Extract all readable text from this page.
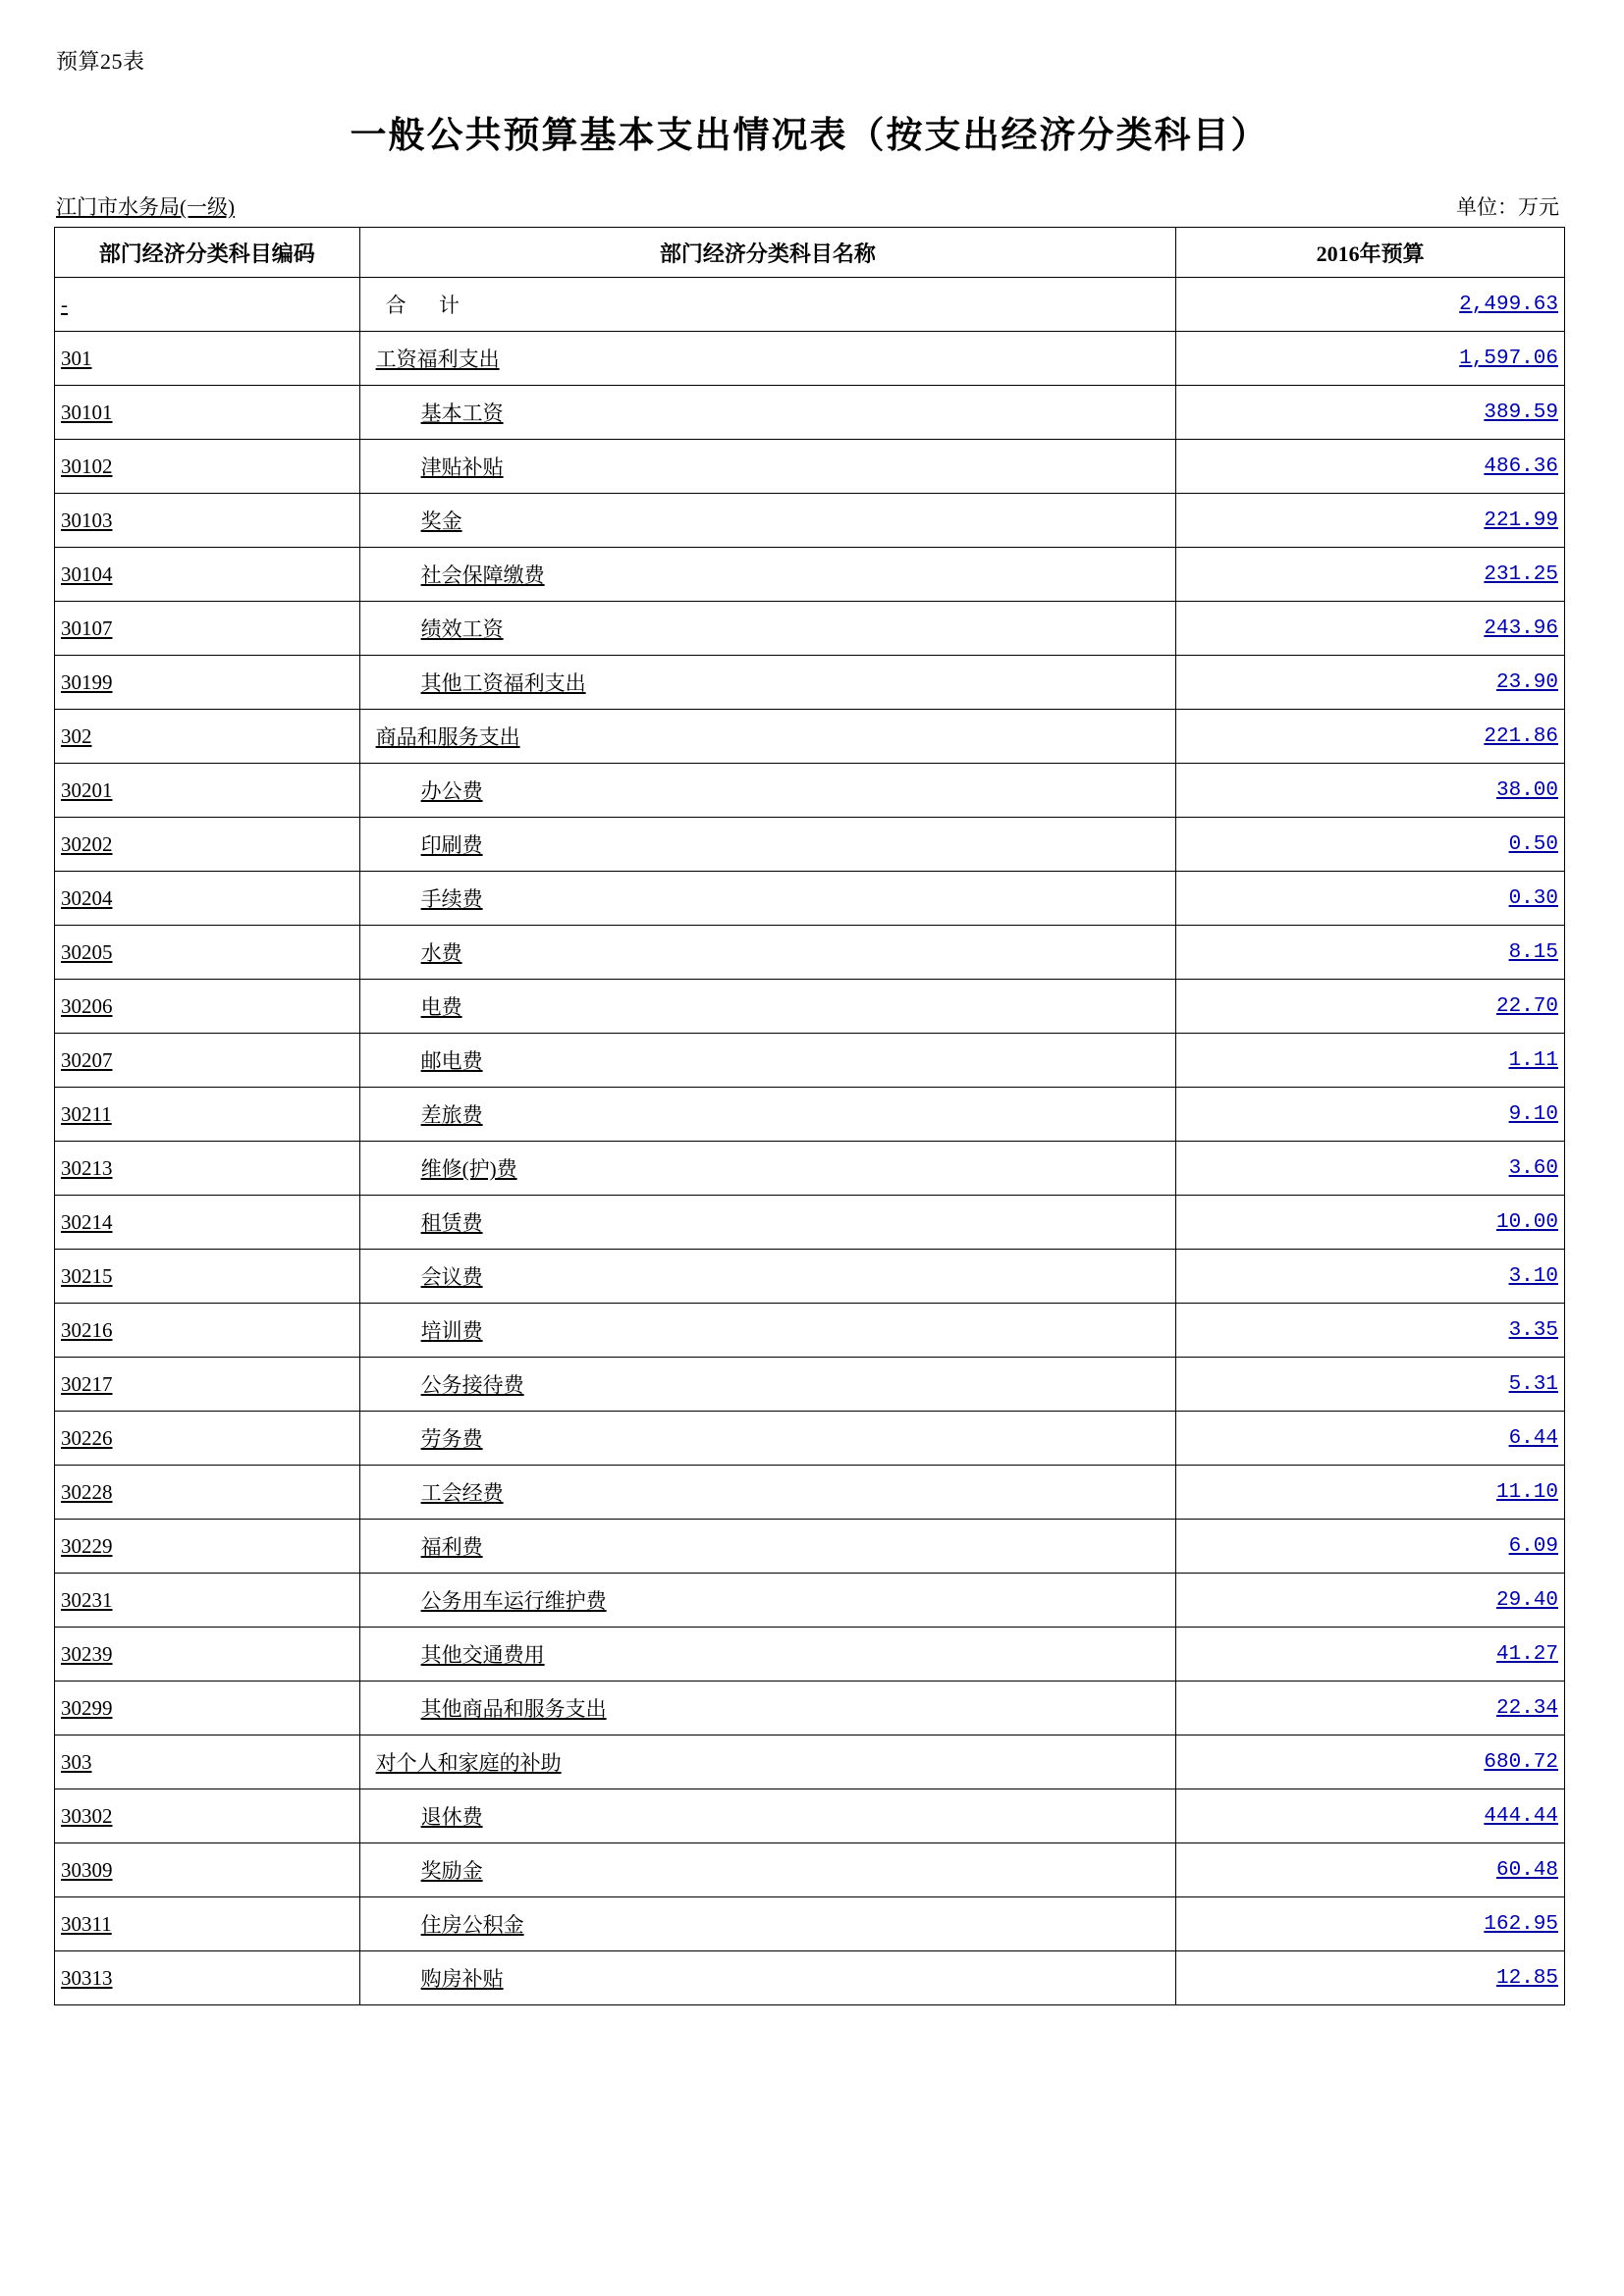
预算25表
一般公共预算基本支出情况表（按支出经济分类科目）
江门市水务局(一级)	单位：万元
部门经济分类科目编码	部门经济分类科目名称	2016年预算
-	合 计	2,499.63
301	工资福利支出	1,597.06
30101	基本工资	389.59
30102	津贴补贴	486.36
30103	奖金	221.99
30104	社会保障缴费	231.25
30107	绩效工资	243.96
30199	其他工资福利支出	23.90
302	商品和服务支出	221.86
30201	办公费	38.00
30202	印刷费	0.50
30204	手续费	0.30
30205	水费	8.15
30206	电费	22.70
30207	邮电费	1.11
30211	差旅费	9.10
30213	维修(护)费	3.60
30214	租赁费	10.00
30215	会议费	3.10
30216	培训费	3.35
30217	公务接待费	5.31
30226	劳务费	6.44
30228	工会经费	11.10
30229	福利费	6.09
30231	公务用车运行维护费	29.40
30239	其他交通费用	41.27
30299	其他商品和服务支出	22.34
303	对个人和家庭的补助	680.72
30302	退休费	444.44
30309	奖励金	60.48
30311	住房公积金	162.95
30313	购房补贴	12.85
